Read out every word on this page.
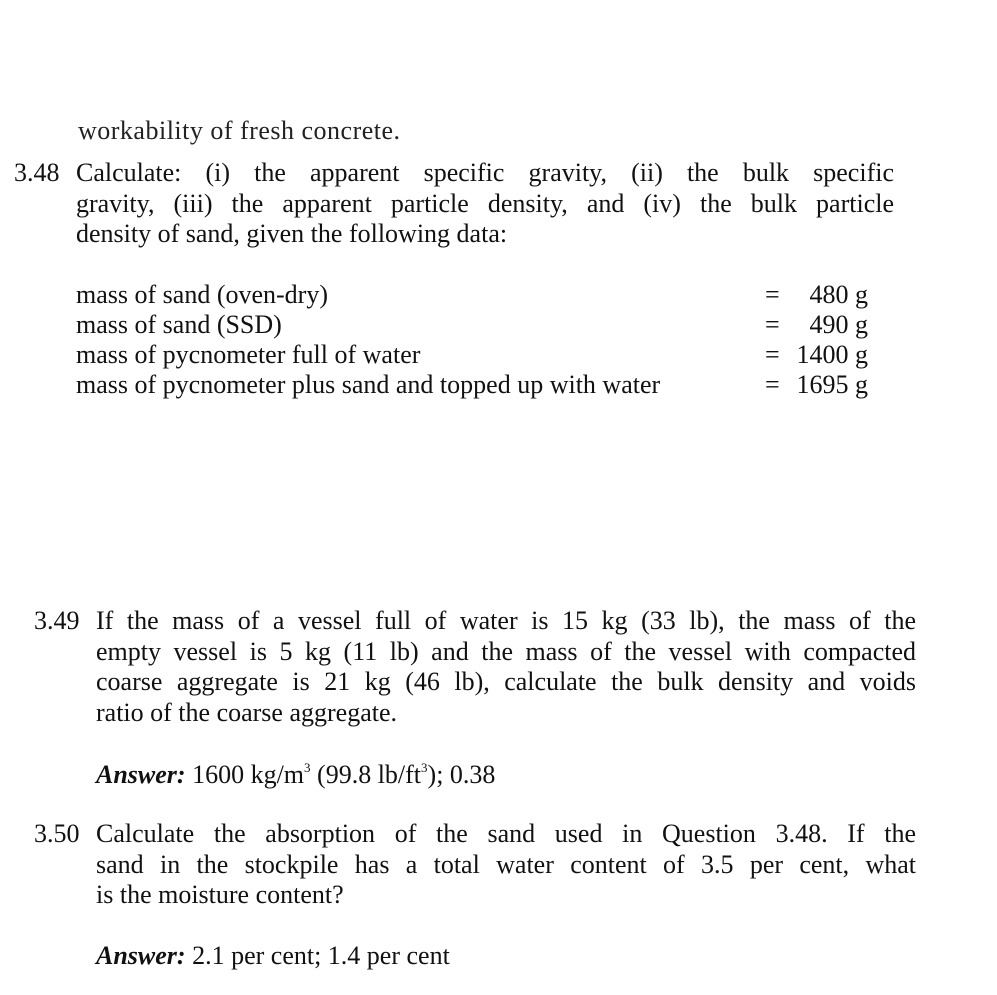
workability of fresh concrete.
3.48 Calculate: (i) the apparent specific gravity, (ii) the bulk specific
gravity, (iii) the apparent particle density, and (iv) the bulk particle
density of sand, given the following data:
mass of sand (oven-dry)	= 480 g
mass of sand (SSD)	= 490 g
mass of pycnometer full of water	= 1400 g
mass of pycnometer plus sand and topped up with water	= 1695 g
3.49 If the mass of a vessel full of water is 15 kg (33 lb), the mass of the
empty vessel is 5 kg (11 lb) and the mass of the vessel with compacted
coarse aggregate is 21 kg (46 lb), calculate the bulk density and voids
ratio of the coarse aggregate.
Answer: 1600 $kg/m^3$ (99.8 $lb/ft^3$); 0.38
3.50 Calculate the absorption of the sand used in Question 3.48. If the
sand in the stockpile has a total water content of 3.5 per cent, what
is the moisture content?
Answer: 2.1 per cent; 1.4 per cent
